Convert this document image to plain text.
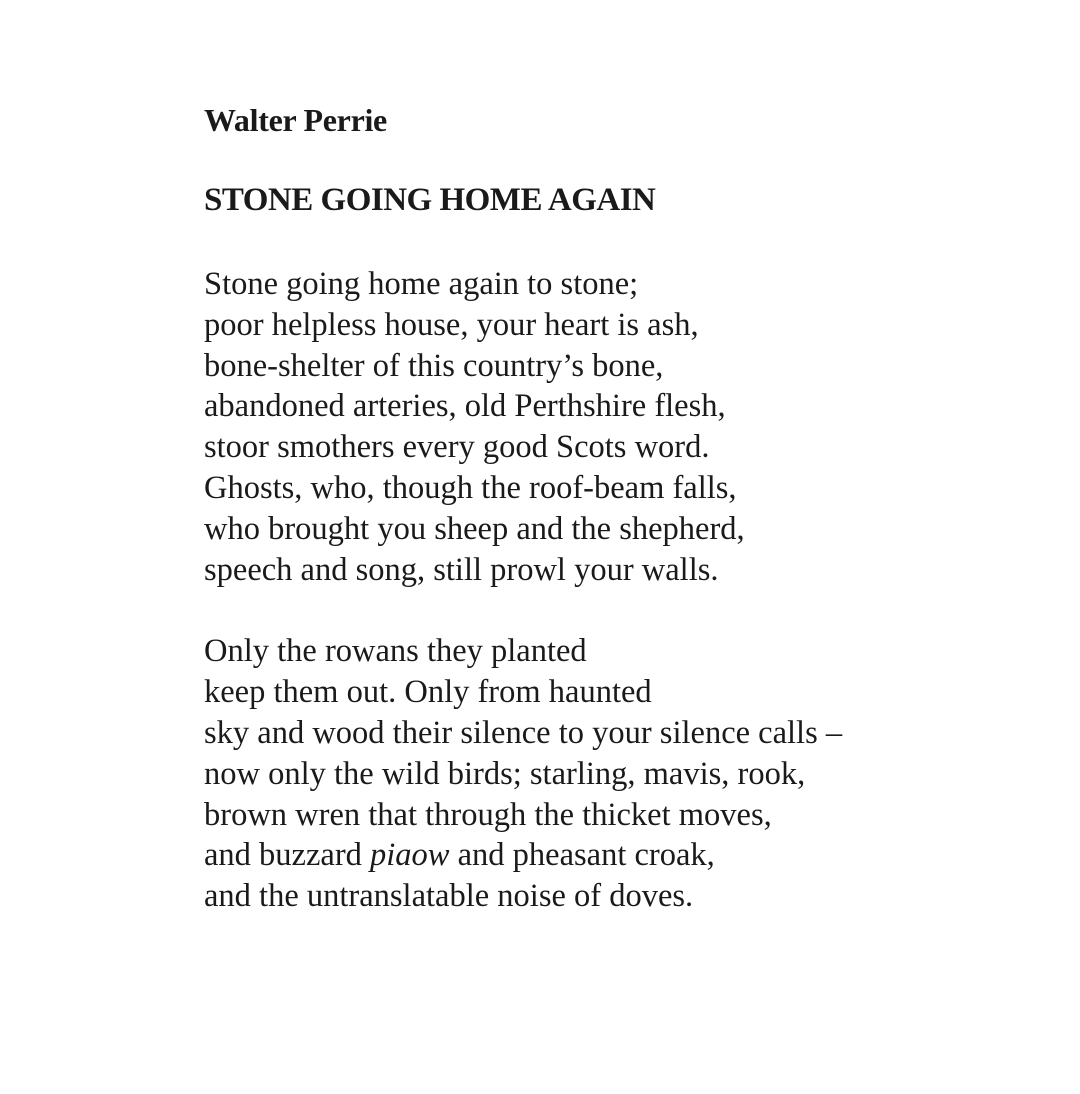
Walter Perrie
STONE GOING HOME AGAIN

Stone going home again to stone;
poor helpless house, your heart is ash,
bone-shelter of this country’s bone,
abandoned arteries, old Perthshire flesh,
stoor smothers every good Scots word.
Ghosts, who, though the roof-beam falls,
who brought you sheep and the shepherd,
speech and song, still prowl your walls.

Only the rowans they planted
keep them out. Only from haunted
sky and wood their silence to your silence calls –
now only the wild birds; starling, mavis, rook,
brown wren that through the thicket moves,
and buzzard piaow and pheasant croak,
and the untranslatable noise of doves.
